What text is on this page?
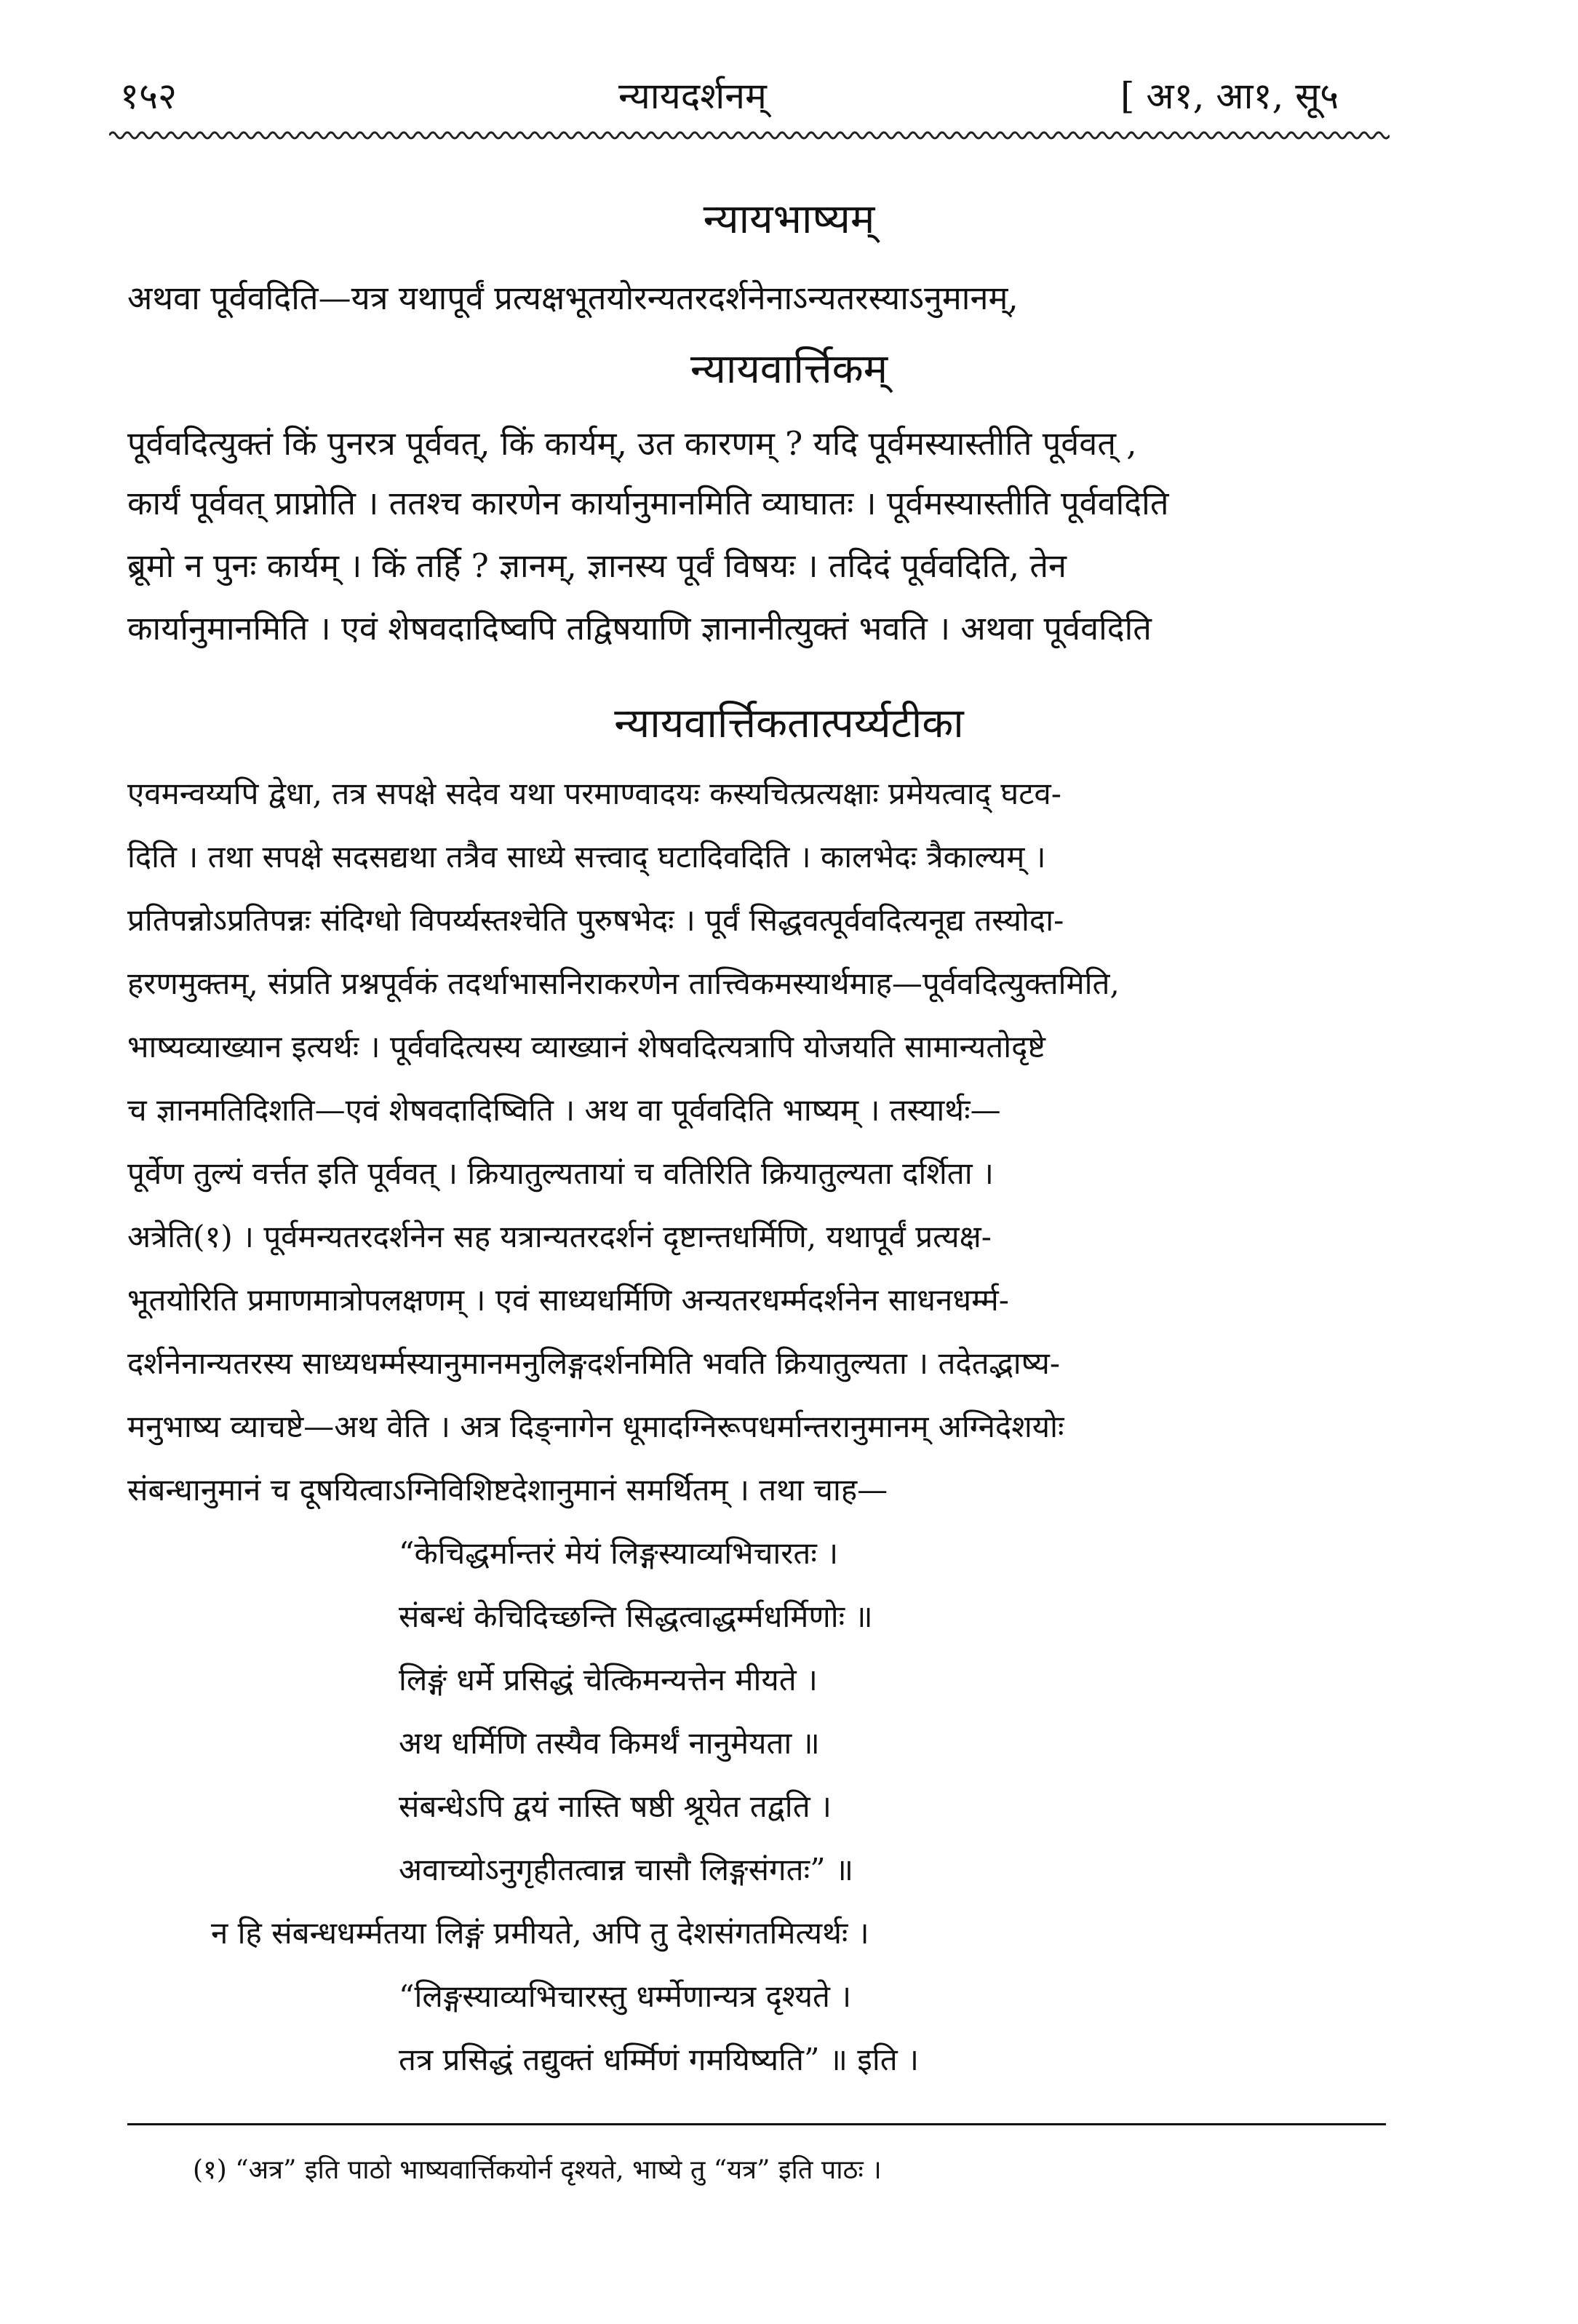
१५२	न्यायदर्शनम्	[ अ१, आ१, सू५
न्यायभाष्यम्
अथवा पूर्ववदिति—यत्र यथापूर्वं प्रत्यक्षभूतयोरन्यतरदर्शनेनाऽन्यतरस्याऽनुमानम्,
न्यायवार्त्तिकम्
पूर्ववदित्युक्तं किं पुनरत्र पूर्ववत्, किं कार्यम्, उत कारणम् ? यदि पूर्वमस्यास्तीति पूर्ववत् ,
कार्यं पूर्ववत् प्राप्नोति । ततश्च कारणेन कार्यानुमानमिति व्याघातः । पूर्वमस्यास्तीति पूर्ववदिति
ब्रूमो न पुनः कार्यम् । किं तर्हि ? ज्ञानम्, ज्ञानस्य पूर्वं विषयः । तदिदं पूर्ववदिति, तेन
कार्यानुमानमिति । एवं शेषवदादिष्वपि तद्विषयाणि ज्ञानानीत्युक्तं भवति । अथवा पूर्ववदिति
न्यायवार्त्तिकतात्पर्य्यटीका
एवमन्वय्यपि द्वेधा, तत्र सपक्षे सदेव यथा परमाण्वादयः कस्यचित्प्रत्यक्षाः प्रमेयत्वाद् घटव-
दिति । तथा सपक्षे सदसद्यथा तत्रैव साध्ये सत्त्वाद् घटादिवदिति । कालभेदः त्रैकाल्यम् ।
प्रतिपन्नोऽप्रतिपन्नः संदिग्धो विपर्य्यस्तश्चेति पुरुषभेदः । पूर्वं सिद्धवत्पूर्ववदित्यनूद्य तस्योदा-
हरणमुक्तम्, संप्रति प्रश्नपूर्वकं तदर्थाभासनिराकरणेन तात्त्विकमस्यार्थमाह—पूर्ववदित्युक्तमिति,
भाष्यव्याख्यान इत्यर्थः । पूर्ववदित्यस्य व्याख्यानं शेषवदित्यत्रापि योजयति सामान्यतोदृष्टे
च ज्ञानमतिदिशति—एवं शेषवदादिष्विति । अथ वा पूर्ववदिति भाष्यम् । तस्यार्थः—
पूर्वेण तुल्यं वर्त्तत इति पूर्ववत् । क्रियातुल्यतायां च वतिरिति क्रियातुल्यता दर्शिता ।
अत्रेति(१) । पूर्वमन्यतरदर्शनेन सह यत्रान्यतरदर्शनं दृष्टान्तधर्मिणि, यथापूर्वं प्रत्यक्ष-
भूतयोरिति प्रमाणमात्रोपलक्षणम् । एवं साध्यधर्मिणि अन्यतरधर्म्मदर्शनेन साधनधर्म्म-
दर्शनेनान्यतरस्य साध्यधर्म्मस्यानुमानमनुलिङ्गदर्शनमिति भवति क्रियातुल्यता । तदेतद्भाष्य-
मनुभाष्य व्याचष्टे—अथ वेति । अत्र दिङ्नागेन धूमादग्निरूपधर्मान्तरानुमानम् अग्निदेशयोः
संबन्धानुमानं च दूषयित्वाऽग्निविशिष्टदेशानुमानं समर्थितम् । तथा चाह—
“केचिद्धर्मान्तरं मेयं लिङ्गस्याव्यभिचारतः ।
संबन्धं केचिदिच्छन्ति सिद्धत्वाद्धर्म्मधर्मिणोः ॥
लिङ्गं धर्मे प्रसिद्धं चेत्किमन्यत्तेन मीयते ।
अथ धर्मिणि तस्यैव किमर्थं नानुमेयता ॥
संबन्धेऽपि द्वयं नास्ति षष्ठी श्रूयेत तद्वति ।
अवाच्योऽनुगृहीतत्वान्न चासौ लिङ्गसंगतः” ॥
न हि संबन्धधर्म्मतया लिङ्गं प्रमीयते, अपि तु देशसंगतमित्यर्थः ।
“लिङ्गस्याव्यभिचारस्तु धर्म्मेणान्यत्र दृश्यते ।
तत्र प्रसिद्धं तद्युक्तं धर्म्मिणं गमयिष्यति” ॥ इति ।
(१) “अत्र” इति पाठो भाष्यवार्त्तिकयोर्न दृश्यते, भाष्ये तु “यत्र” इति पाठः ।
